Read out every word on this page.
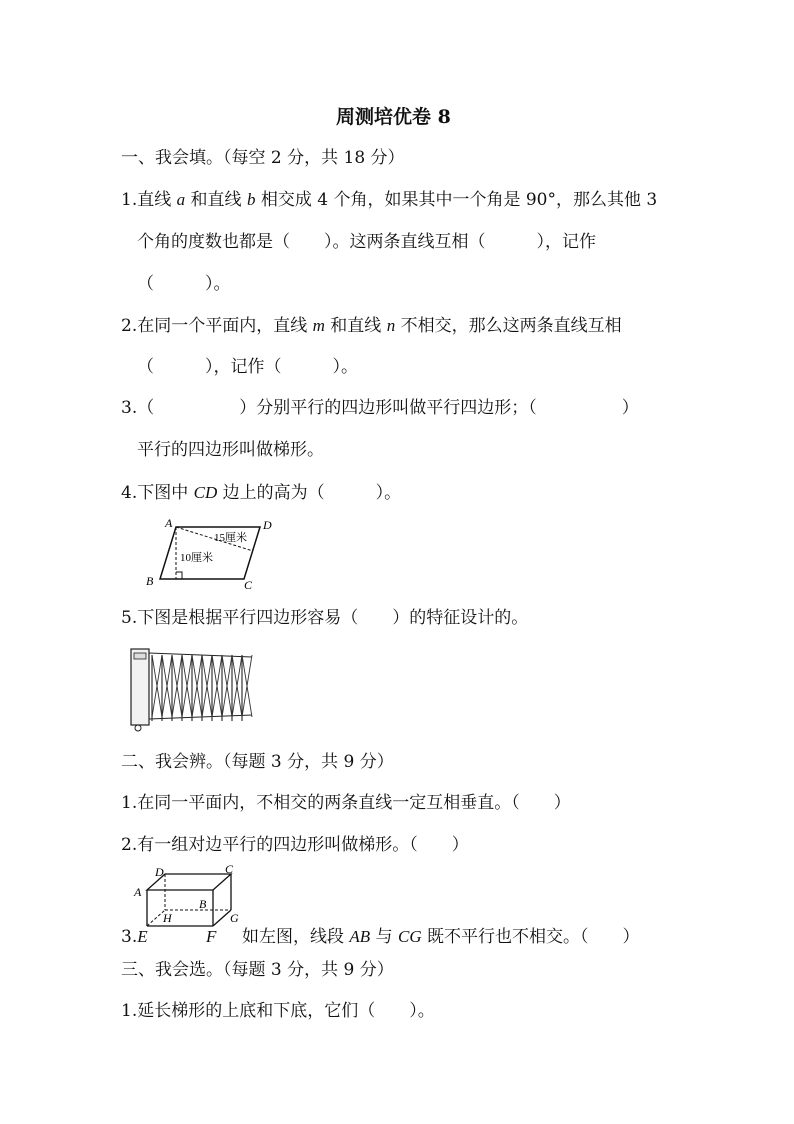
周测培优卷 8
一、我会填。（每空 2 分，共 18 分）
1.直线 a 和直线 b 相交成 4 个角，如果其中一个角是 90°，那么其他 3
个角的度数也都是（　　）。这两条直线互相（　　　），记作
（　　　）。
2.在同一个平面内，直线 m 和直线 n 不相交，那么这两条直线互相
（　　　），记作（　　　）。
3.（　　　　　）分别平行的四边形叫做平行四边形；（　　　　　）
平行的四边形叫做梯形。
4.下图中 CD 边上的高为（　　　）。
A	D
B	C
15厘米
10厘米
5.下图是根据平行四边形容易（　　）的特征设计的。
二、我会辨。（每题 3 分，共 9 分）
1.在同一平面内，不相交的两条直线一定互相垂直。（　　）
2.有一组对边平行的四边形叫做梯形。（　　）
A
D	C
B
H	G
3.E	F 如左图，线段 AB 与 CG 既不平行也不相交。（　　）
三、我会选。（每题 3 分，共 9 分）
1.延长梯形的上底和下底，它们（　　）。
